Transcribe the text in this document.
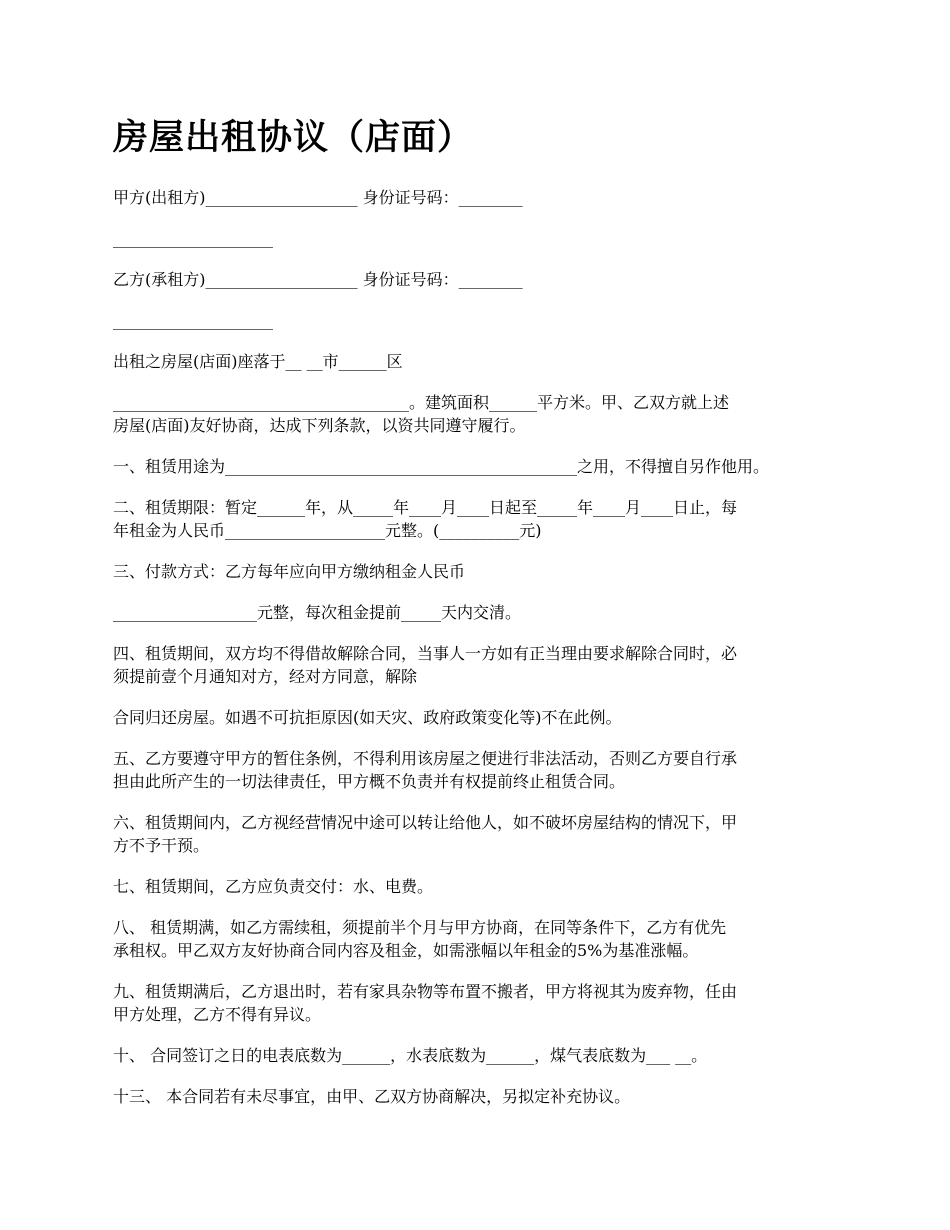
房屋出租协议（店面）

甲方(出租方)___________________ 身份证号码：________

____________________

乙方(承租方)___________________ 身份证号码：________

____________________

出租之房屋(店面)座落于__ __市______区

_____________________________________。建筑面积______平方米。甲、乙双方就上述
房屋(店面)友好协商，达成下列条款，以资共同遵守履行。

一、租赁用途为____________________________________________之用，不得擅自另作他用。

二、租赁期限：暂定______年，从_____年____月____日起至_____年____月____日止，每
年租金为人民币____________________元整。(__________元)

三、付款方式：乙方每年应向甲方缴纳租金人民币

__________________元整，每次租金提前_____天内交清。

四、租赁期间，双方均不得借故解除合同，当事人一方如有正当理由要求解除合同时，必
须提前壹个月通知对方，经对方同意，解除

合同归还房屋。如遇不可抗拒原因(如天灾、政府政策变化等)不在此例。

五、乙方要遵守甲方的暂住条例，不得利用该房屋之便进行非法活动，否则乙方要自行承
担由此所产生的一切法律责任，甲方概不负责并有权提前终止租赁合同。

六、租赁期间内，乙方视经营情况中途可以转让给他人，如不破坏房屋结构的情况下，甲
方不予干预。

七、租赁期间，乙方应负责交付：水、电费。

八、 租赁期满，如乙方需续租，须提前半个月与甲方协商，在同等条件下，乙方有优先
承租权。甲乙双方友好协商合同内容及租金，如需涨幅以年租金的5%为基准涨幅。

九、租赁期满后，乙方退出时，若有家具杂物等布置不搬者，甲方将视其为废弃物，任由
甲方处理，乙方不得有异议。

十、 合同签订之日的电表底数为______，水表底数为______，煤气表底数为___ __。

十三、 本合同若有未尽事宜，由甲、乙双方协商解决，另拟定补充协议。
